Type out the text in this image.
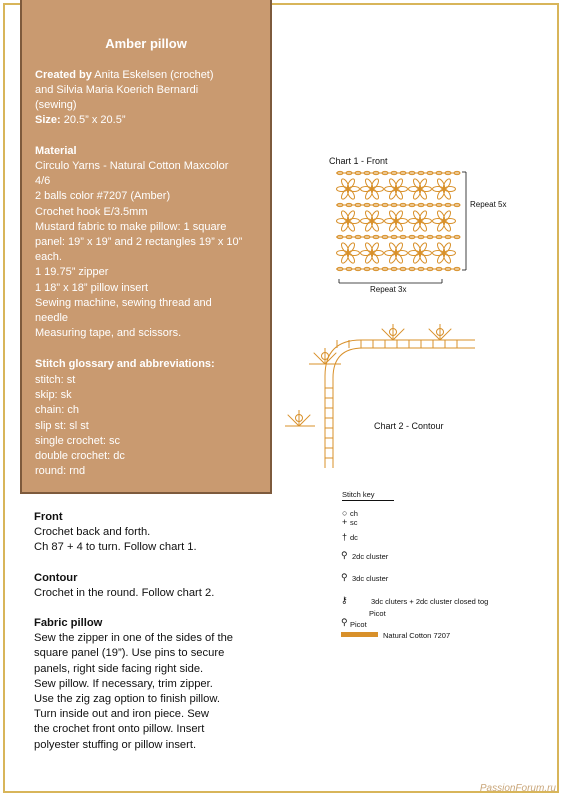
Amber pillow
Created by Anita Eskelsen (crochet)
and Silvia Maria Koerich Bernardi
(sewing)
Size: 20.5” x 20.5”
Material
Stitch glossary and abbreviations:
Circulo Yarns - Natural Cotton Maxcolor
4/6
2 balls color #7207 (Amber)
Crochet hook E/3.5mm
Mustard fabric to make pillow: 1 square
panel: 19” x 19” and 2 rectangles 19” x 10”
each.
1 19.75” zipper
1 18” x 18” pillow insert
Sewing machine, sewing thread and
needle
Measuring tape, and scissors.
stitch: st
skip: sk
chain: ch
slip st: sl st
single crochet: sc
double crochet: dc
round: rnd
Chart 1 - Front
Repeat 5x
Repeat 3x
Chart 2 - Contour
Stitch key
ch
sc
dc
2dc cluster
3dc cluster
3dc cluters + 2dc cluster closed tog
Picot
Picot
Natural Cotton 7207
○
+
†
⚲
⚲
⚷
⚲
PassionForum.ru
Front
Crochet back and forth.
Ch 87 + 4 to turn. Follow chart 1.
Contour
Crochet in the round. Follow chart 2.
Fabric pillow
Sew the zipper in one of the sides of the
square panel (19”). Use pins to secure
panels, right side facing right side.
Sew pillow. If necessary, trim zipper.
Use the zig zag option to finish pillow.
Turn inside out and iron piece. Sew
the crochet front onto pillow. Insert
polyester stuffing or pillow insert.
